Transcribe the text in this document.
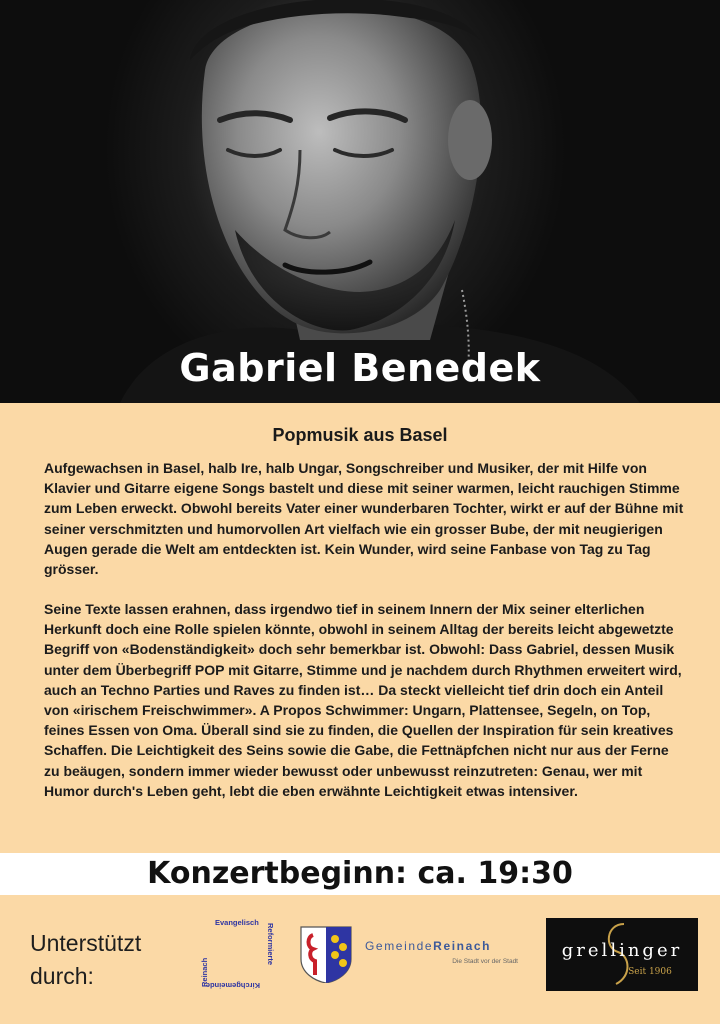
Gabriel Benedek
Popmusik aus Basel

Aufgewachsen in Basel, halb Ire, halb Ungar, Songschreiber und Musiker, der mit Hilfe von Klavier und Gitarre eigene Songs bastelt und diese mit seiner warmen, leicht rauchigen Stimme zum Leben erweckt. Obwohl bereits Vater einer wunderbaren Tochter, wirkt er auf der Bühne mit seiner verschmitzten und humorvollen Art vielfach wie ein grosser Bube, der mit neugierigen Augen gerade die Welt am entdeckten ist. Kein Wunder, wird seine Fanbase von Tag zu Tag grösser.

Seine Texte lassen erahnen, dass irgendwo tief in seinem Innern der Mix seiner elterlichen Herkunft doch eine Rolle spielen könnte, obwohl in seinem Alltag der bereits leicht abgewetzte Begriff von «Bodenständigkeit» doch sehr bemerkbar ist. Obwohl: Dass Gabriel, dessen Musik unter dem Überbegriff POP mit Gitarre, Stimme und je nachdem durch Rhythmen erweitert wird, auch an Techno Parties und Raves zu finden ist… Da steckt vielleicht tief drin doch ein Anteil von «irischem Freischwimmer». A Propos Schwimmer: Ungarn, Plattensee, Segeln, on Top, feines Essen von Oma. Überall sind sie zu finden, die Quellen der Inspiration für sein kreatives Schaffen. Die Leichtigkeit des Seins sowie die Gabe, die Fettnäpfchen nicht nur aus der Ferne zu beäugen, sondern immer wieder bewusst oder unbewusst reinzutreten: Genau, wer mit Humor durch's Leben geht, lebt die eben erwähnte Leichtigkeit etwas intensiver.

Konzertbeginn: ca. 19:30
Unterstützt
durch:
Evangelisch
Reformierte
Kirchgemeinde
Reinach
GemeindeReinach
Die Stadt vor der Stadt
grellinger
Seit 1906
